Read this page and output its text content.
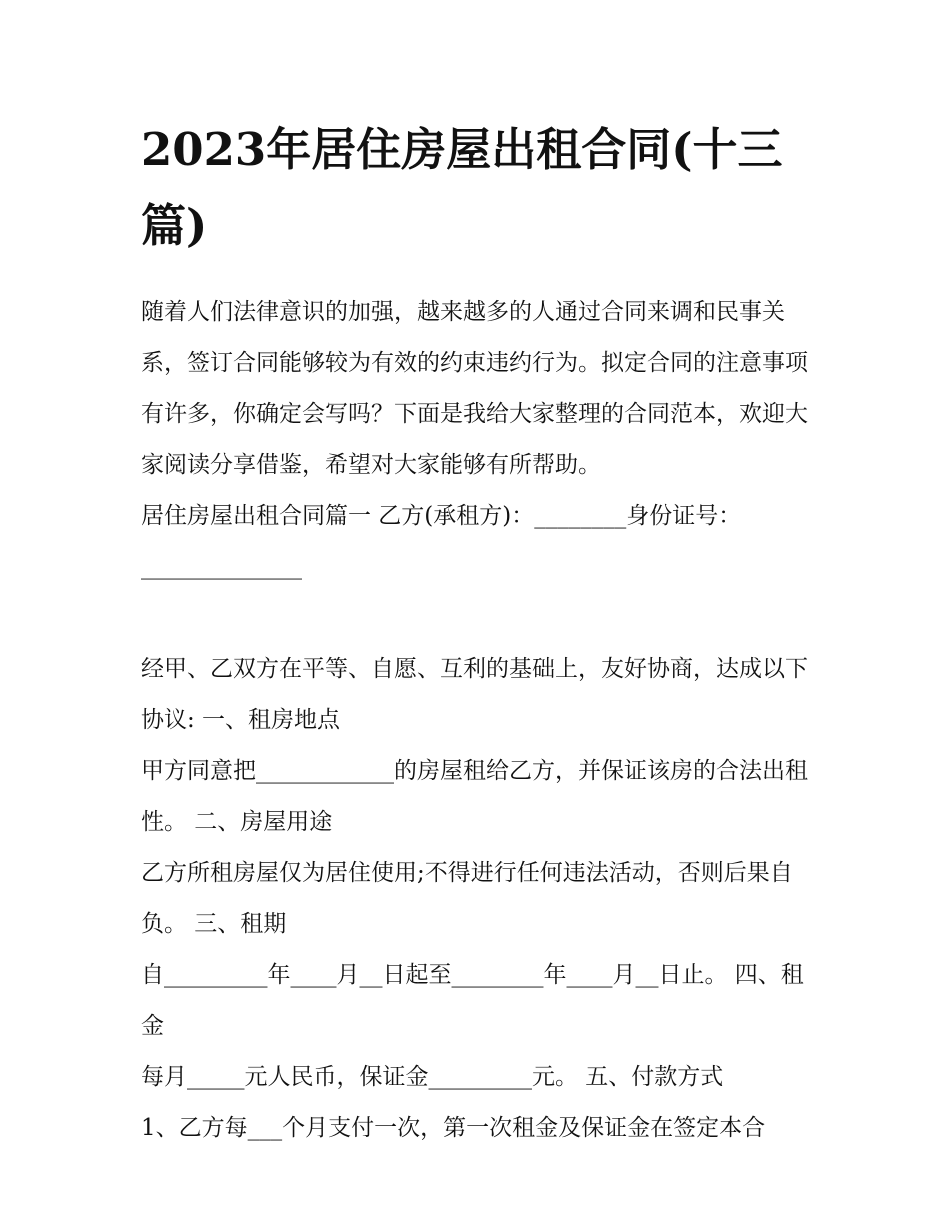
2023年居住房屋出租合同(十三篇)

随着人们法律意识的加强，越来越多的人通过合同来调和民事关系，签订合同能够较为有效的约束违约行为。拟定合同的注意事项有许多，你确定会写吗？下面是我给大家整理的合同范本，欢迎大家阅读分享借鉴，希望对大家能够有所帮助。

居住房屋出租合同篇一 乙方(承租方)：________身份证号：______________

经甲、乙双方在平等、自愿、互利的基础上，友好协商，达成以下协议: 一、租房地点

甲方同意把____________的房屋租给乙方，并保证该房的合法出租性。 二、房屋用途

乙方所租房屋仅为居住使用;不得进行任何违法活动，否则后果自负。 三、租期

自_________年____月__日起至________年____月__日止。 四、租金

每月_____元人民币，保证金_________元。 五、付款方式

1、乙方每___个月支付一次，第一次租金及保证金在签定本合
